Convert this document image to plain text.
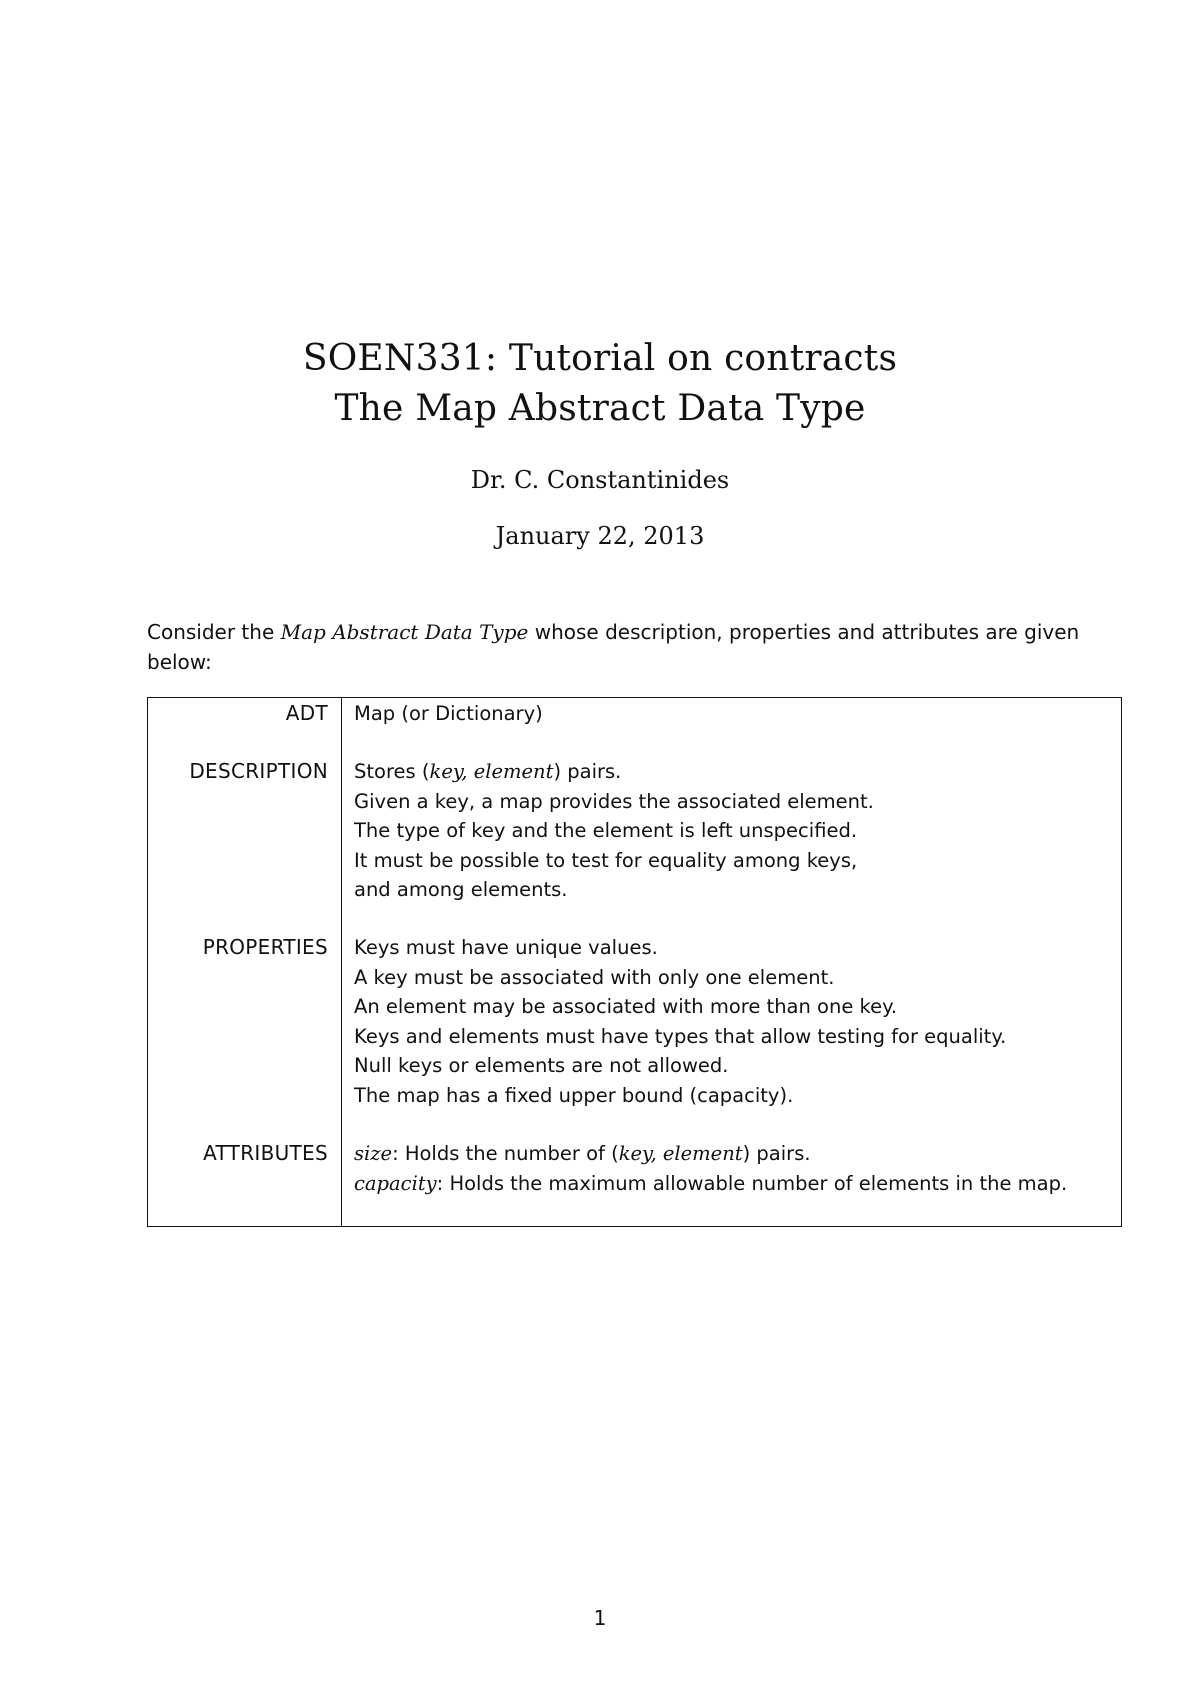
SOEN331: Tutorial on contracts
The Map Abstract Data Type
Dr. C. Constantinides
January 22, 2013
Consider the Map Abstract Data Type whose description, properties and attributes are given below:
ADT Map (or Dictionary)
DESCRIPTION Stores (key, element) pairs.
Given a key, a map provides the associated element.
The type of key and the element is left unspecified.
It must be possible to test for equality among keys,
and among elements.
PROPERTIES Keys must have unique values.
A key must be associated with only one element.
An element may be associated with more than one key.
Keys and elements must have types that allow testing for equality.
Null keys or elements are not allowed.
The map has a fixed upper bound (capacity).
ATTRIBUTES size: Holds the number of (key, element) pairs.
capacity: Holds the maximum allowable number of elements in the map.
1
